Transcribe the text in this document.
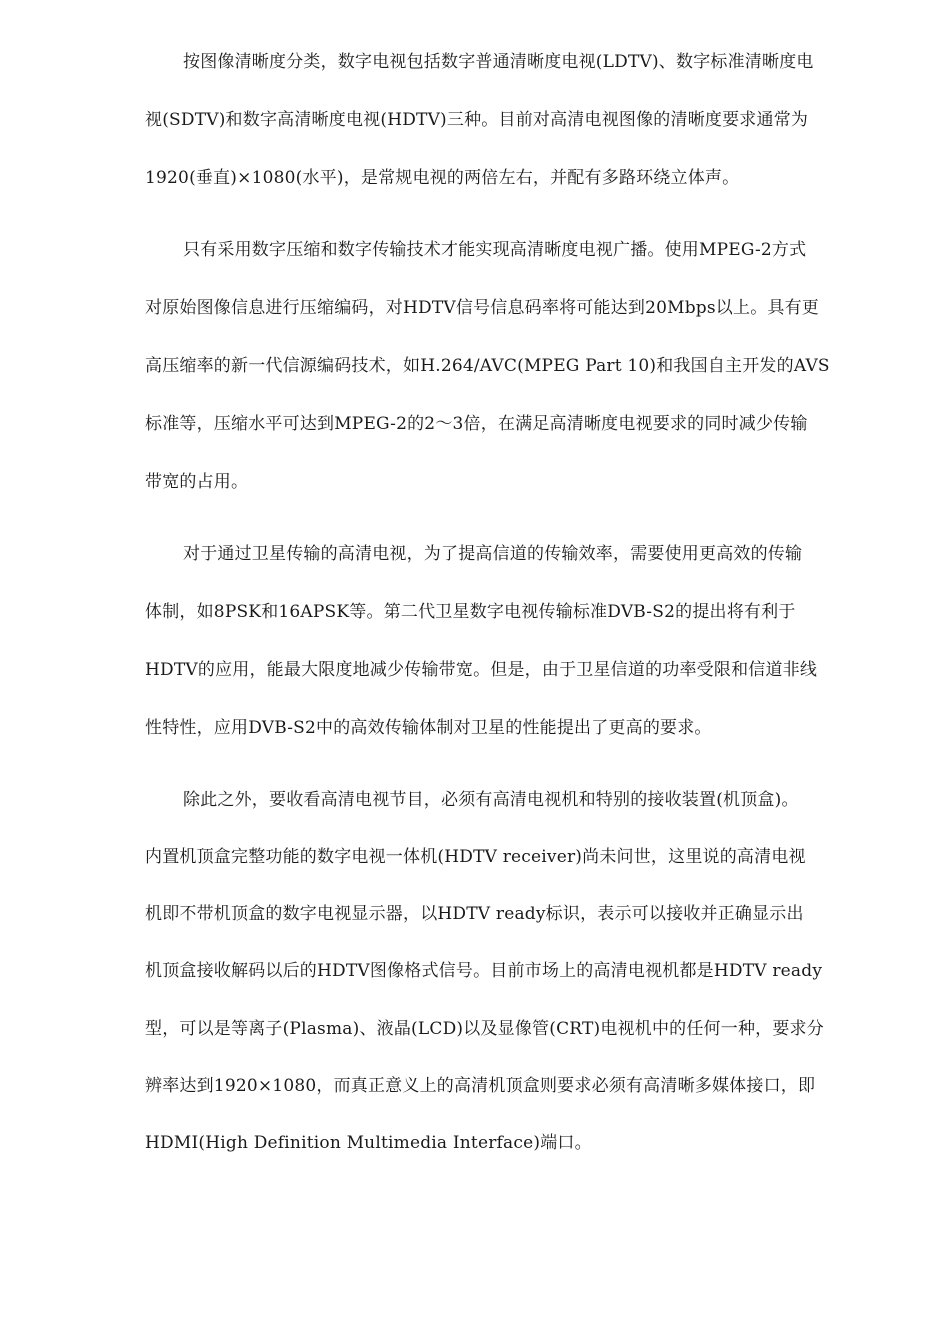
按图像清晰度分类，数字电视包括数字普通清晰度电视(LDTV)、数字标准清晰度电
视(SDTV)和数字高清晰度电视(HDTV)三种。目前对高清电视图像的清晰度要求通常为
1920(垂直)×1080(水平)，是常规电视的两倍左右，并配有多路环绕立体声。
只有采用数字压缩和数字传输技术才能实现高清晰度电视广播。使用MPEG-2方式
对原始图像信息进行压缩编码，对HDTV信号信息码率将可能达到20Mbps以上。具有更
高压缩率的新一代信源编码技术，如H.264/AVC(MPEG Part 10)和我国自主开发的AVS
标准等，压缩水平可达到MPEG-2的2～3倍，在满足高清晰度电视要求的同时减少传输
带宽的占用。
对于通过卫星传输的高清电视，为了提高信道的传输效率，需要使用更高效的传输
体制，如8PSK和16APSK等。第二代卫星数字电视传输标准DVB-S2的提出将有利于
HDTV的应用，能最大限度地减少传输带宽。但是，由于卫星信道的功率受限和信道非线
性特性，应用DVB-S2中的高效传输体制对卫星的性能提出了更高的要求。
除此之外，要收看高清电视节目，必须有高清电视机和特别的接收装置(机顶盒)。
内置机顶盒完整功能的数字电视一体机(HDTV receiver)尚未问世，这里说的高清电视
机即不带机顶盒的数字电视显示器，以HDTV ready标识，表示可以接收并正确显示出
机顶盒接收解码以后的HDTV图像格式信号。目前市场上的高清电视机都是HDTV ready
型，可以是等离子(Plasma)、液晶(LCD)以及显像管(CRT)电视机中的任何一种，要求分
辨率达到1920×1080，而真正意义上的高清机顶盒则要求必须有高清晰多媒体接口，即
HDMI(High Definition Multimedia Interface)端口。
